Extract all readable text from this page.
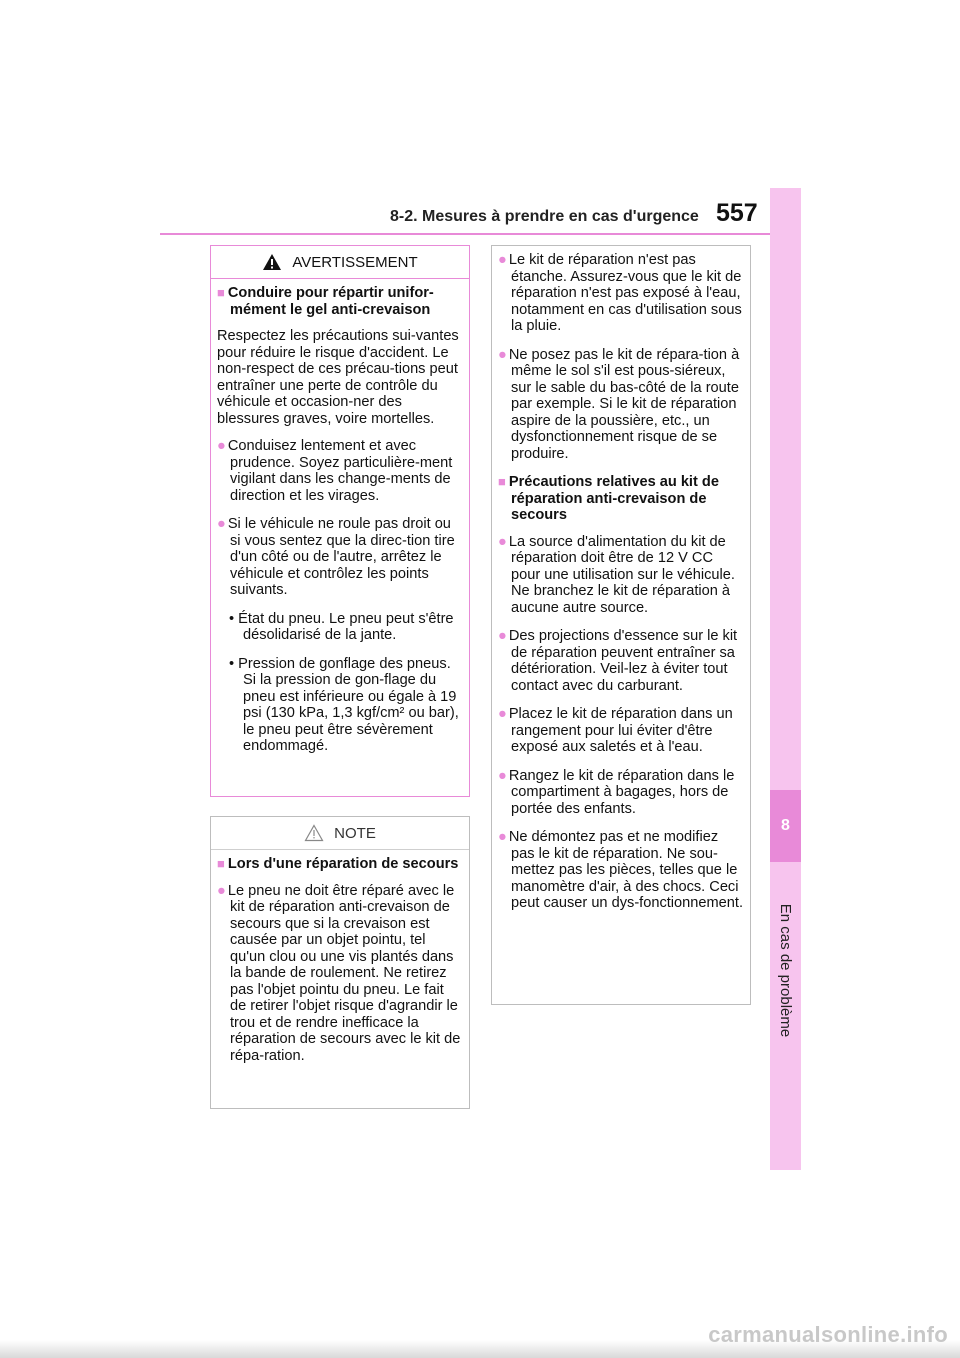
8-2. Mesures à prendre en cas d'urgence 557
8
En cas de problème
AVERTISSEMENT
■ Conduire pour répartir unifor-mément le gel anti-crevaison
Respectez les précautions sui-vantes pour réduire le risque d'accident. Le non-respect de ces précau-tions peut entraîner une perte de contrôle du véhicule et occasion-ner des blessures graves, voire mortelles.
● Conduisez lentement et avec prudence. Soyez particulière-ment vigilant dans les change-ments de direction et les virages.
● Si le véhicule ne roule pas droit ou si vous sentez que la direc-tion tire d'un côté ou de l'autre, arrêtez le véhicule et contrôlez les points suivants.
• État du pneu. Le pneu peut s'être désolidarisé de la jante.
• Pression de gonflage des pneus. Si la pression de gon-flage du pneu est inférieure ou égale à 19 psi (130 kPa, 1,3 kgf/cm² ou bar), le pneu peut être sévèrement endommagé.
NOTE
■ Lors d'une réparation de secours
● Le pneu ne doit être réparé avec le kit de réparation anti-crevaison de secours que si la crevaison est causée par un objet pointu, tel qu'un clou ou une vis plantés dans la bande de roulement. Ne retirez pas l'objet pointu du pneu. Le fait de retirer l'objet risque d'agrandir le trou et de rendre inefficace la réparation de secours avec le kit de répa-ration.
● Le kit de réparation n'est pas étanche. Assurez-vous que le kit de réparation n'est pas exposé à l'eau, notamment en cas d'utilisation sous la pluie.
● Ne posez pas le kit de répara-tion à même le sol s'il est pous-siéreux, sur le sable du bas-côté de la route par exemple. Si le kit de réparation aspire de la poussière, etc., un dysfonctionnement risque de se produire.
■ Précautions relatives au kit de réparation anti-crevaison de secours
● La source d'alimentation du kit de réparation doit être de 12 V CC pour une utilisation sur le véhicule. Ne branchez le kit de réparation à aucune autre source.
● Des projections d'essence sur le kit de réparation peuvent entraîner sa détérioration. Veil-lez à éviter tout contact avec du carburant.
● Placez le kit de réparation dans un rangement pour lui éviter d'être exposé aux saletés et à l'eau.
● Rangez le kit de réparation dans le compartiment à bagages, hors de portée des enfants.
● Ne démontez pas et ne modifiez pas le kit de réparation. Ne sou-mettez pas les pièces, telles que le manomètre d'air, à des chocs. Ceci peut causer un dys-fonctionnement.
carmanualsonline.info
